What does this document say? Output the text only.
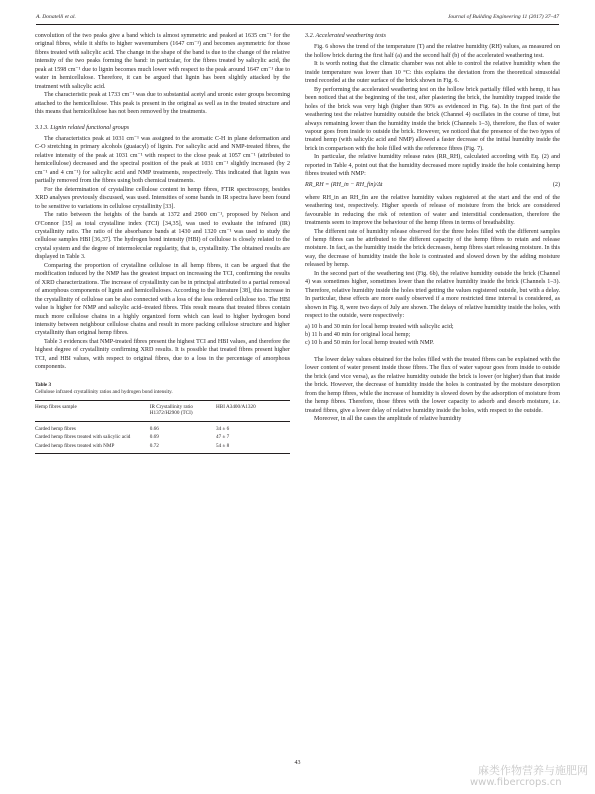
A. Donatelli et al.	Journal of Building Engineering 11 (2017) 37–47

convolution of the two peaks give a band which is almost symmetric and peaked at 1635 cm⁻¹ for the original fibres, while it shifts to higher wavenumbers (1647 cm⁻¹) and becomes asymmetric for those fibres treated with salicylic acid. The change in the shape of the band is due to the change of the relative intensity of the two peaks forming the band: in particular, for the fibres treated by salicylic acid, the peak at 1598 cm⁻¹ due to lignin becomes much lower with respect to the peak around 1647 cm⁻¹ due to water in hemicellulose. Therefore, it can be argued that lignin has been slightly attacked by the treatment with salicylic acid.

The characteristic peak at 1733 cm⁻¹ was due to substantial acetyl and uronic ester groups becoming attached to the hemicellulose. This peak is present in the original as well as in the treated structure and this means that hemicellulose has not been removed by the treatments.

3.1.3. Lignin related functional groups

The characteristics peak at 1031 cm⁻¹ was assigned to the aromatic C-H in plane deformation and C-O stretching in primary alcohols (guaiacyl) of lignin. For salicylic acid and NMP-treated fibres, the relative intensity of the peak at 1031 cm⁻¹ with respect to the close peak at 1057 cm⁻¹ (attributed to hemicellulose) decreased and the spectral position of the peak at 1031 cm⁻¹ slightly increased (by 2 cm⁻¹ and 4 cm⁻¹) for salicylic acid and NMP treatments, respectively. This indicated that lignin was partially removed from the fibres using both chemical treatments.

For the determination of crystalline cellulose content in hemp fibres, FTIR spectroscopy, besides XRD analyses previously discussed, was used. Intensities of some bands in IR spectra have been found to be sensitive to variations in cellulose crystallinity [33].

The ratio between the heights of the bands at 1372 and 2900 cm⁻¹, proposed by Nelson and O'Connor [35] as total crystalline index (TCI) [34,35], was used to evaluate the infrared (IR) crystallinity ratio. The ratio of the absorbance bands at 1430 and 1320 cm⁻¹ was used to study the cellulose samples HBI [36,37]. The hydrogen bond intensity (HBI) of cellulose is closely related to the crystal system and the degree of intermolecular regularity, that is, crystallinity. The obtained results are displayed in Table 3.

Comparing the proportion of crystalline cellulose in all hemp fibres, it can be argued that the modification induced by the NMP has the greatest impact on increasing the TCI, confirming the results of XRD characterizations. The increase of crystallinity can be in principal attributed to a partial removal of amorphous components of lignin and hemicelluloses. According to the literature [38], this increase in the crystallinity of cellulose can be also connected with a loss of the less ordered cellulose too. The HBI value is higher for NMP and salicylic acid–treated fibres. This result means that treated fibres contain much more cellulose chains in a highly organized form which can lead to higher hydrogen bond intensity between neighbour cellulose chains and result in more packing cellulose structure and higher crystallinity than original hemp fibres.

Table 3 evidences that NMP-treated fibres present the highest TCI and HBI values, and therefore the highest degree of crystallinity confirming XRD results. It is possible that treated fibres present higher TCI, and HBI values, with respect to original fibres, due to a loss in the percentage of amorphous components.

Table 3
Cellulose infrared crystallinity ratios and hydrogen bond intensity.
Hemp fibres sample	IR Crystallinity ratio H1372/H2900 (TCI)	HBI A3400/A1320
Carded hemp fibres	0.66	34 ± 6
Carded hemp fibres treated with salicylic acid	0.69	47 ± 7
Carded hemp fibres treated with NMP	0.72	54 ± 8
3.2. Accelerated weathering tests

Fig. 6 shows the trend of the temperature (T) and the relative humidity (RH) values, as measured on the hollow brick during the first half (a) and the second half (b) of the accelerated weathering test.

It is worth noting that the climatic chamber was not able to control the relative humidity when the inside temperature was lower than 10 °C: this explains the deviation from the theoretical sinusoidal trend recorded at the outer surface of the brick shown in Fig. 6.

By performing the accelerated weathering test on the hollow brick partially filled with hemp, it has been noticed that at the beginning of the test, after plastering the brick, the humidity trapped inside the holes of the brick was very high (higher than 90% as evidenced in Fig. 6a). In the first part of the weathering test the relative humidity outside the brick (Channel 4) oscillates in the course of time, but always remaining lower than the humidity inside the brick (Channels 1–3), therefore, the flux of water vapour goes from inside to outside the brick. However, we noticed that the presence of the two types of treated hemp (with salicylic acid and NMP) allowed a faster decrease of the initial humidity inside the brick in comparison with the hole filled with the reference fibres (Fig. 7).

In particular, the relative humidity release rates (RR_RH), calculated according with Eq. (2) and reported in Table 4, point out that the humidity decreased more rapidly inside the hole containing hemp fibres treated with NMP:

RR_RH = (RH_in − RH_fin)/Δt	(2)

where RH_in an RH_fin are the relative humidity values registered at the start and the end of the weathering test, respectively. Higher speeds of release of moisture from the brick are considered favourable in reducing the risk of retention of water and interstitial condensation, therefore the treatments seem to improve the behaviour of the hemp fibres in terms of breathability.

The different rate of humidity release observed for the three holes filled with the different samples of hemp fibres can be attributed to the different capacity of the hemp fibres to retain and release moisture. In fact, as the humidity inside the brick decreases, hemp fibres start releasing moisture. In this way, the decrease of humidity inside the hole is contrasted and slowed down by the adding moisture released by hemp.

In the second part of the weathering test (Fig. 6b), the relative humidity outside the brick (Channel 4) was sometimes higher, sometimes lower than the relative humidity inside the brick (Channels 1–3). Therefore, relative humidity inside the holes tried getting the values registered outside, but with a delay. In particular, these effects are more easily observed if a more restricted time interval is considered, as shown in Fig. 8, were two days of July are shown. The delays of relative humidity inside the holes, with respect to the outside, were respectively:

a) 10 h and 30 min for local hemp treated with salicylic acid;
b) 11 h and 40 min for original local hemp;
c) 10 h and 50 min for local hemp treated with NMP.

The lower delay values obtained for the holes filled with the treated fibres can be explained with the lower content of water present inside those fibres. The flux of water vapour goes from inside to outside the brick (and vice versa), as the relative humidity outside the brick is lower (or higher) than that inside the brick. However, the decrease of humidity inside the holes is contrasted by the moisture desorption from the hemp fibres, while the increase of humidity is slowed down by the adsorption of moisture from the hemp fibres. Therefore, those fibres with the lower capacity to adsorb and desorb moisture, i.e. treated fibres, give a lower delay of relative humidity inside the holes, with respect to the outside.

Moreover, in all the cases the amplitude of relative humidity

43
麻类作物营养与施肥网
www.fibercrops.cn
